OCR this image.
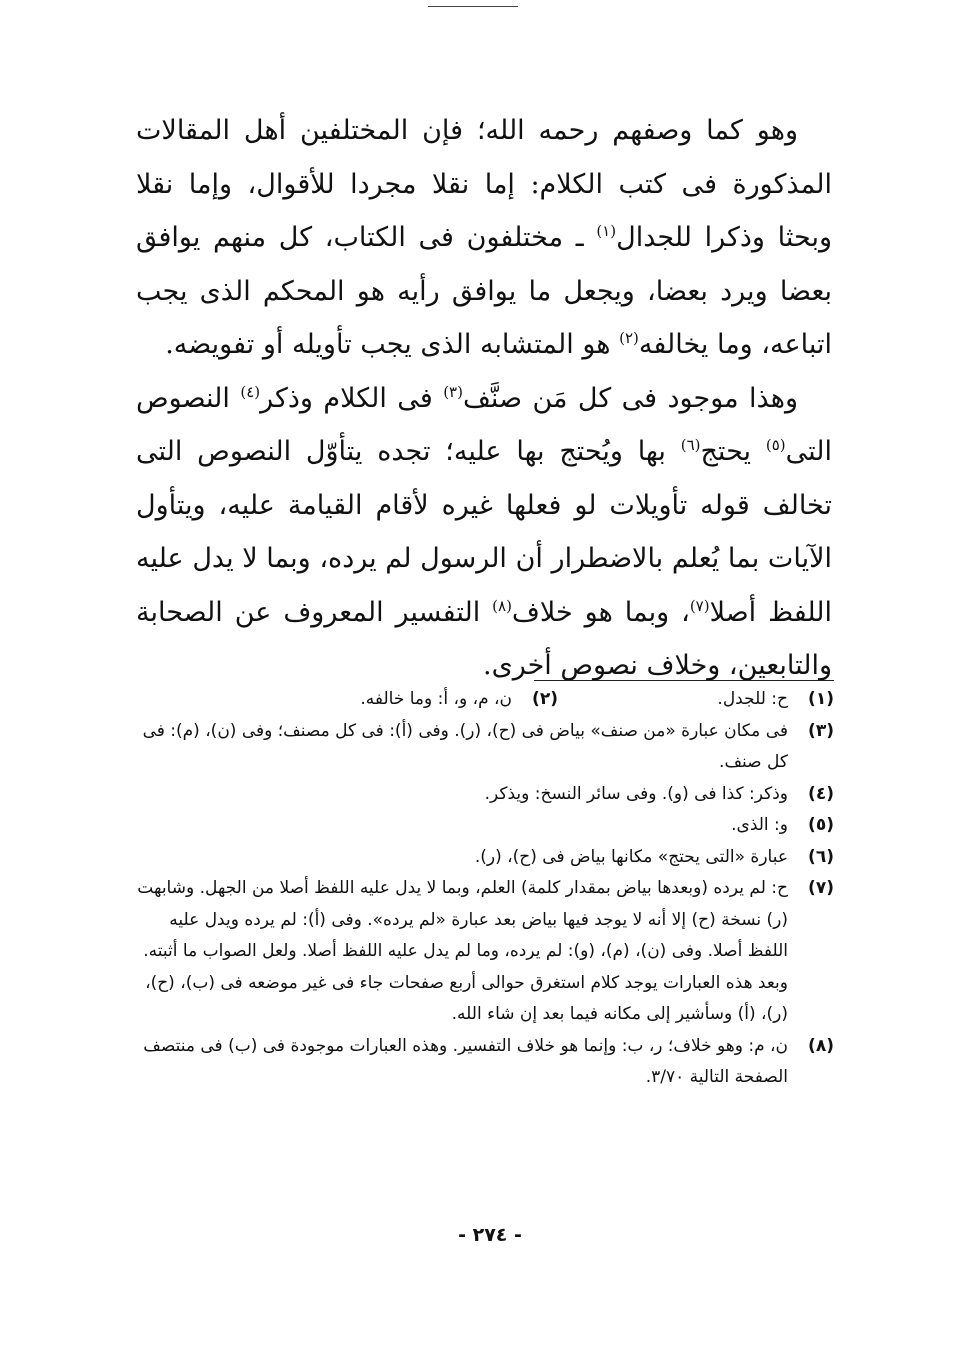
وهو كما وصفهم رحمه الله؛ فإن المختلفين أهل المقالات المذكورة فى كتب الكلام: إما نقلا مجردا للأقوال، وإما نقلا وبحثا وذكرا للجدال$^{(١)}$ ـ مختلفون فى الكتاب، كل منهم يوافق بعضا ويرد بعضا، ويجعل ما يوافق رأيه هو المحكم الذى يجب اتباعه، وما يخالفه$^{(٢)}$ هو المتشابه الذى يجب تأويله أو تفويضه.

وهذا موجود فى كل مَن صنَّف$^{(٣)}$ فى الكلام وذكر$^{(٤)}$ النصوص التى$^{(٥)}$ يحتج$^{(٦)}$ بها ويُحتج بها عليه؛ تجده يتأوّل النصوص التى تخالف قوله تأويلات لو فعلها غيره لأقام القيامة عليه، ويتأول الآيات بما يُعلم بالاضطرار أن الرسول لم يرده، وبما لا يدل عليه اللفظ أصلا$^{(٧)}$، وبما هو خلاف$^{(٨)}$ التفسير المعروف عن الصحابة والتابعين، وخلاف نصوص أخرى.

(١)
ح: للجدل.

(٢)
ن، م، و، أ: وما خالفه.

(٣)
فى مكان عبارة «من صنف» بياض فى (ح)، (ر). وفى (أ): فى كل مصنف؛ وفى (ن)، (م): فى كل صنف.

(٤)
وذكر: كذا فى (و). وفى سائر النسخ: ويذكر.

(٥)
و: الذى.

(٦)
عبارة «التى يحتج» مكانها بياض فى (ح)، (ر).

(٧)
ح: لم يرده (وبعدها بياض بمقدار كلمة) العلم، وبما لا يدل عليه اللفظ أصلا من الجهل. وشابهت (ر) نسخة (ح) إلا أنه لا يوجد فيها بياض بعد عبارة «لم يرده». وفى (أ): لم يرده ويدل عليه اللفظ أصلا. وفى (ن)، (م)، (و): لم يرده، وما لم يدل عليه اللفظ أصلا. ولعل الصواب ما أثبته. وبعد هذه العبارات يوجد كلام استغرق حوالى أربع صفحات جاء فى غير موضعه فى (ب)، (ح)، (ر)، (أ) وسأشير إلى مكانه فيما بعد إن شاء الله.

(٨)
ن، م: وهو خلاف؛ ر، ب: وإنما هو خلاف التفسير. وهذه العبارات موجودة فى (ب) فى منتصف الصفحة التالية ٣/٧٠.

- ٢٧٤ -
